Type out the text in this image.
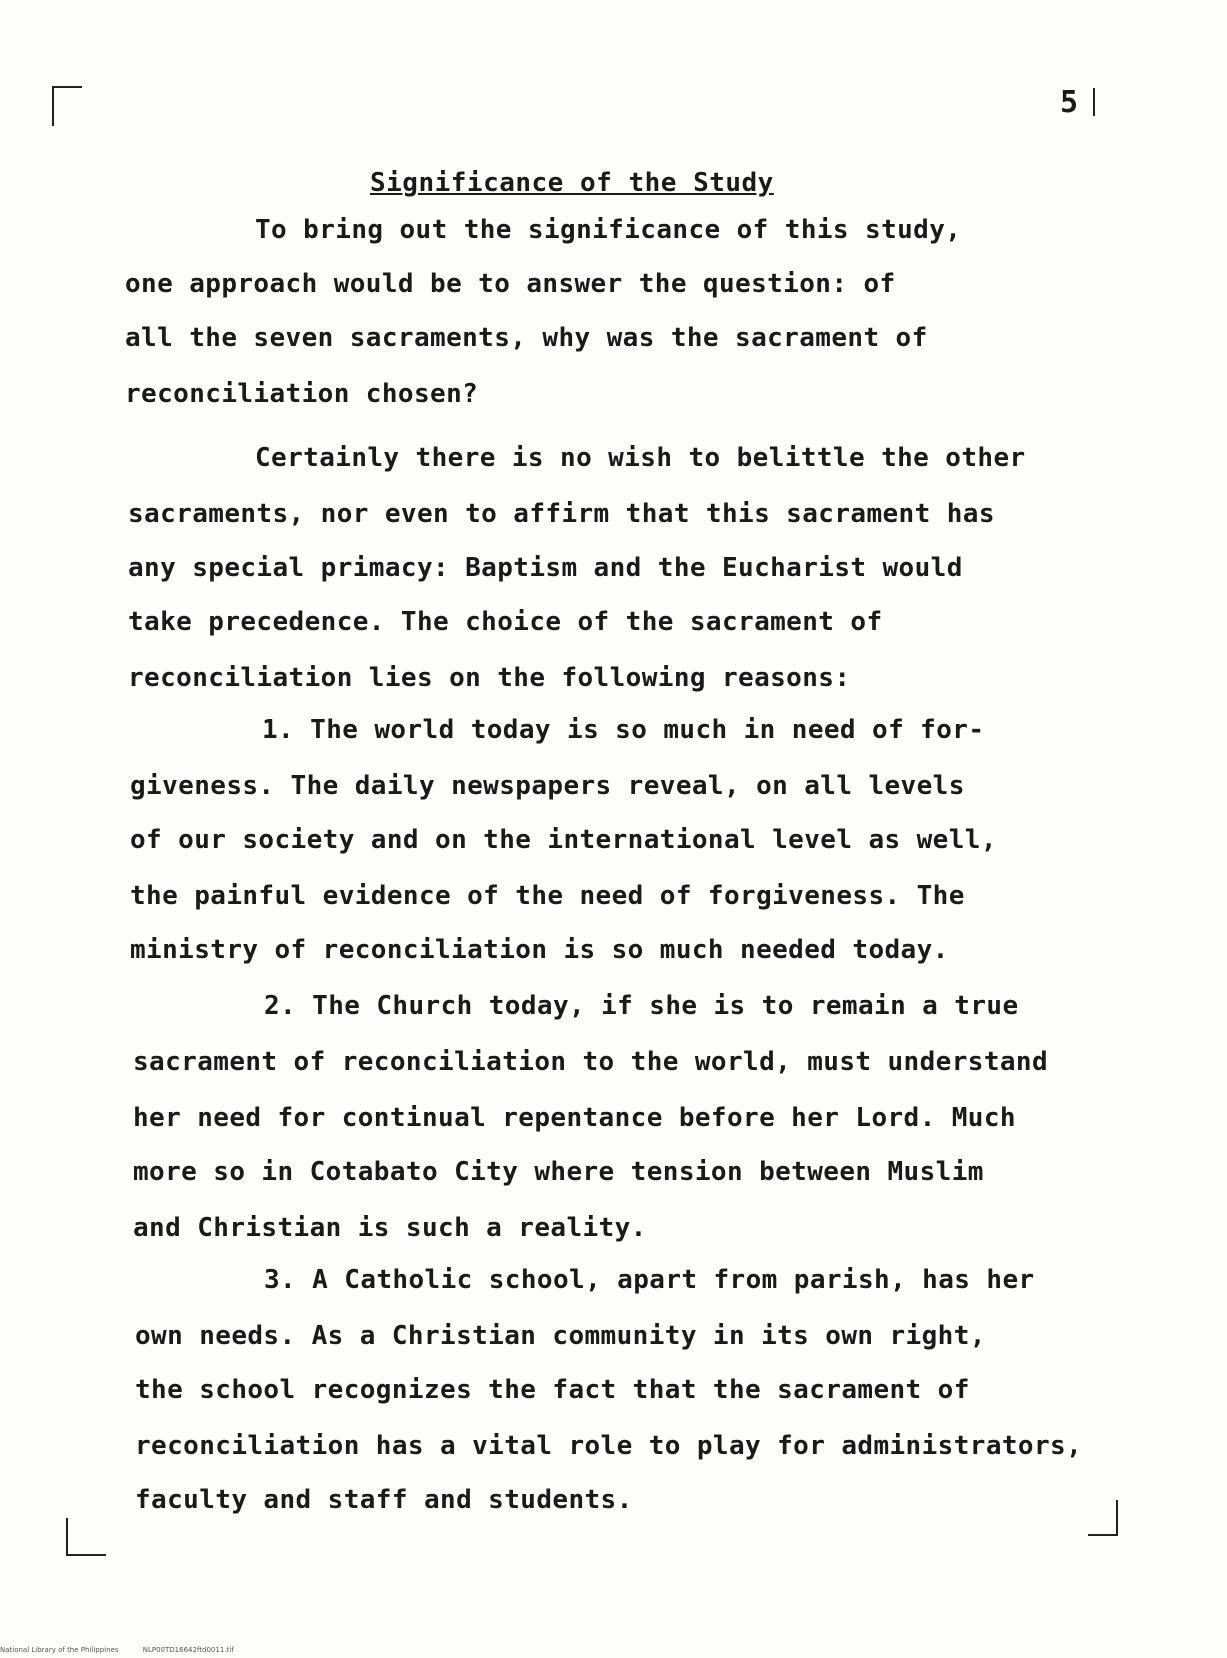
5
Significance of the Study
To bring out the significance of this study,
one approach would be to answer the question: of
all the seven sacraments, why was the sacrament of
reconciliation chosen?
Certainly there is no wish to belittle the other
sacraments, nor even to affirm that this sacrament has
any special primacy: Baptism and the Eucharist would
take precedence. The choice of the sacrament of
reconciliation lies on the following reasons:
1. The world today is so much in need of for-
giveness. The daily newspapers reveal, on all levels
of our society and on the international level as well,
the painful evidence of the need of forgiveness. The
ministry of reconciliation is so much needed today.
2. The Church today, if she is to remain a true
sacrament of reconciliation to the world, must understand
her need for continual repentance before her Lord. Much
more so in Cotabato City where tension between Muslim
and Christian is such a reality.
3. A Catholic school, apart from parish, has her
own needs. As a Christian community in its own right,
the school recognizes the fact that the sacrament of
reconciliation has a vital role to play for administrators,
faculty and staff and students.
National Library of the Philippines	NLP00TD16642ftd0011.tif
